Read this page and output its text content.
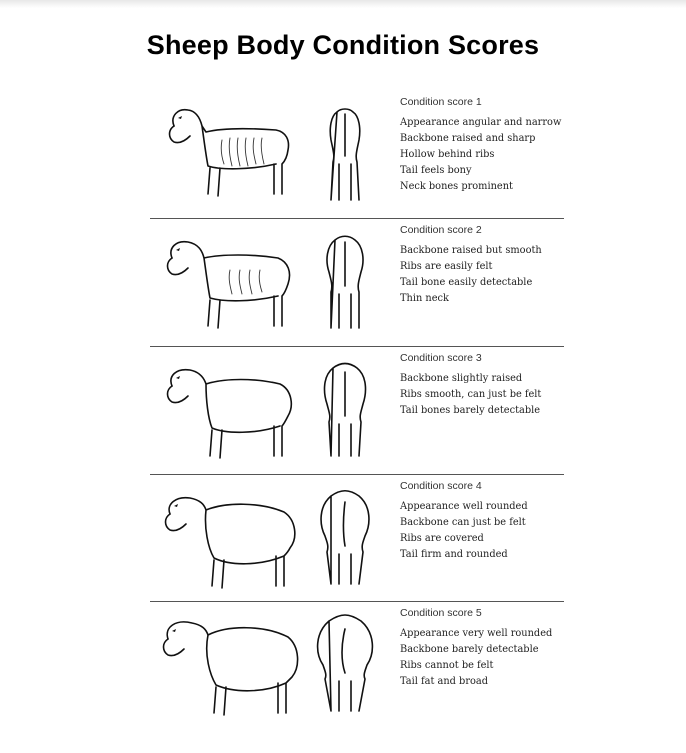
Sheep Body Condition Scores
Condition score 1
Appearance angular and narrow
Backbone raised and sharp
Hollow behind ribs
Tail feels bony
Neck bones prominent
Condition score 2
Backbone raised but smooth
Ribs are easily felt
Tail bone easily detectable
Thin neck
Condition score 3
Backbone slightly raised
Ribs smooth, can just be felt
Tail bones barely detectable
Condition score 4
Appearance well rounded
Backbone can just be felt
Ribs are covered
Tail firm and rounded
Condition score 5
Appearance very well rounded
Backbone barely detectable
Ribs cannot be felt
Tail fat and broad
